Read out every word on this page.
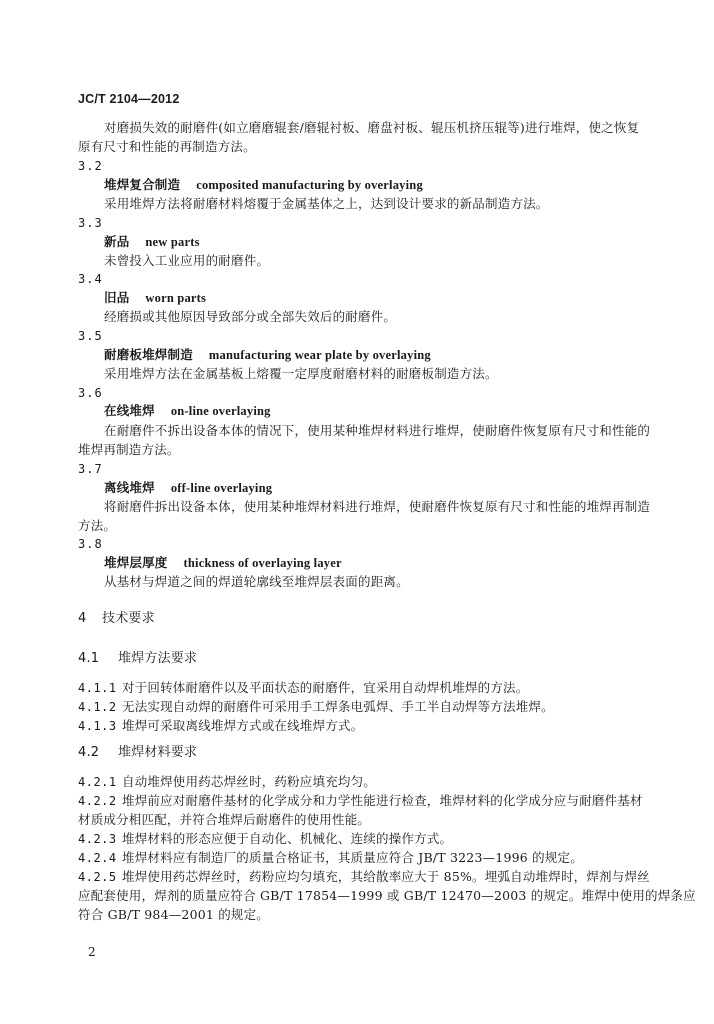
JC/T 2104—2012
对磨损失效的耐磨件(如立磨磨辊套/磨辊衬板、磨盘衬板、辊压机挤压辊等)进行堆焊，使之恢复
原有尺寸和性能的再制造方法。
3.2
堆焊复合制造 composited manufacturing by overlaying
采用堆焊方法将耐磨材料熔覆于金属基体之上，达到设计要求的新品制造方法。
3.3
新品 new parts
未曾投入工业应用的耐磨件。
3.4
旧品 worn parts
经磨损或其他原因导致部分或全部失效后的耐磨件。
3.5
耐磨板堆焊制造 manufacturing wear plate by overlaying
采用堆焊方法在金属基板上熔覆一定厚度耐磨材料的耐磨板制造方法。
3.6
在线堆焊 on-line overlaying
在耐磨件不拆出设备本体的情况下，使用某种堆焊材料进行堆焊，使耐磨件恢复原有尺寸和性能的
堆焊再制造方法。
3.7
离线堆焊 off-line overlaying
将耐磨件拆出设备本体，使用某种堆焊材料进行堆焊，使耐磨件恢复原有尺寸和性能的堆焊再制造
方法。
3.8
堆焊层厚度 thickness of overlaying layer
从基材与焊道之间的焊道轮廓线至堆焊层表面的距离。
4 技术要求
4.1 堆焊方法要求
4.1.1 对于回转体耐磨件以及平面状态的耐磨件，宜采用自动焊机堆焊的方法。
4.1.2 无法实现自动焊的耐磨件可采用手工焊条电弧焊、手工半自动焊等方法堆焊。
4.1.3 堆焊可采取离线堆焊方式或在线堆焊方式。
4.2 堆焊材料要求
4.2.1 自动堆焊使用药芯焊丝时，药粉应填充均匀。
4.2.2 堆焊前应对耐磨件基材的化学成分和力学性能进行检查，堆焊材料的化学成分应与耐磨件基材
材质成分相匹配，并符合堆焊后耐磨件的使用性能。
4.2.3 堆焊材料的形态应便于自动化、机械化、连续的操作方式。
4.2.4 堆焊材料应有制造厂的质量合格证书，其质量应符合 JB/T 3223—1996 的规定。
4.2.5 堆焊使用药芯焊丝时，药粉应均匀填充，其给散率应大于 85%。埋弧自动堆焊时，焊剂与焊丝
应配套使用，焊剂的质量应符合 GB/T 17854—1999 或 GB/T 12470—2003 的规定。堆焊中使用的焊条应
符合 GB/T 984—2001 的规定。
2
